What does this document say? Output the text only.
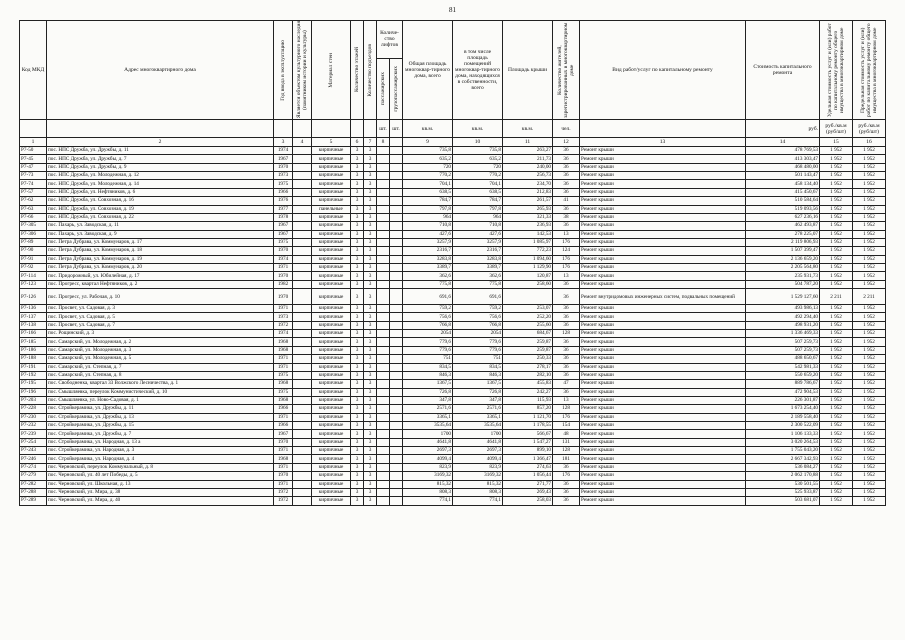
81
Код МКД	Адрес многоквартирного дома	Год ввода в эксплуатацию	Является объектом культурного наследия (памятником истории и культуры)	Материал стен	Количество этажей	Количество подъездов	Количе-ство лифтов		Общая площадь многоквар-тирного дома, всего	в том числе площадь помещений многоквар-тирного дома, находящихся в собственности, всего	Площадь крыши	Количество жителей, зарегистрированных в многоквартирном доме	Вид работ/услуг по капитальному ремонту	Стоимость капитального ремонта	Удельная стоимость услуг и (или) работ по капитальному ремонту общего имущества в многоквартирном доме	Предельная стоимость услуг и (или) работ по капитальному ремонту общего имущества в многоквартирном доме

							пассажирских	грузопассажирских								

							шт.	шт.	кв.м.	кв.м.	кв.м.	чел.		руб.	руб./кв.м (руб/шт)	руб./кв.м (руб/шт)
1	2	3	4	5	6	7	8		9	10	11	12	13	14	15	16
Р7-50	пос. НПС Дружба, ул. Дружбы, д. 11	1974		кирпичные	3	3			735,8	735,8	263,27	36	Ремонт крыши	478 769,53	1 952	1 952
Р7-45	пос. НПС Дружба, ул. Дружбы, д. 7	1967		кирпичные	3	3			635,2	635,2	211,73	36	Ремонт крыши	413 303,47	1 952	1 952
Р7-47	пос. НПС Дружба, ул. Дружбы, д. 9	1970		кирпичные	3	3			720	720	240,00	36	Ремонт крыши	468 480,00	1 952	1 952
Р7-73	пос. НПС Дружба, ул. Молодежная, д. 12	1973		кирпичные	3	3			770,2	770,2	256,73	36	Ремонт крыши	501 143,47	1 952	1 952
Р7-74	пос. НПС Дружба, ул. Молодежная, д. 14	1975		кирпичные	3	3			704,1	704,1	234,70	36	Ремонт крыши	458 134,40	1 952	1 952
Р7-57	пос. НПС Дружба, ул. Нефтяников, д. 6	1966		кирпичные	3	3			638,5	638,5	212,83	36	Ремонт крыши	415 450,67	1 952	1 952
Р7-62	пос. НПС Дружба, ул. Совхозная, д. 16	1976		кирпичные	3	3			784,7	784,7	261,57	41	Ремонт крыши	510 584,64	1 952	1 952
Р7-63	пос. НПС Дружба, ул. Совхозная, д. 19	1977		панельные	3	3			797,8	797,8	265,93	36	Ремонт крыши	519 093,56	1 952	1 952
Р7-66	пос. НПС Дружба, ул. Совхозная, д. 22	1978		кирпичные	3	3			964	964	321,33	38	Ремонт крыши	627 236,16	1 952	1 952
Р7-305	пос. Пахарь, ул. Заводская, д. 11	1967		кирпичные	3	3			710,8	710,8	236,93	36	Ремонт крыши	462 493,87	1 952	1 952
Р7-306	пос. Пахарь, ул. Заводская, д. 9	1967		кирпичные	3	3			427,6	427,6	142,53	13	Ремонт крыши	278 225,07	1 952	1 952
Р7-89	пос. Петра Дубрава, ул. Коммунаров, д. 17	1975		кирпичные	3	3			3257,9	3257,9	1 085,97	176	Ремонт крыши	2 119 806,93	1 952	1 952
Р7-90	пос. Петра Дубрава, ул. Коммунаров, д. 18	1970		кирпичные	3	3			2316,7	2316,7	772,23	124	Ремонт крыши	1 507 399,47	1 952	1 952
Р7-91	пос. Петра Дубрава, ул. Коммунаров, д. 19	1974		кирпичные	3	3			3283,8	3283,8	1 094,60	176	Ремонт крыши	2 136 659,20	1 952	1 952
Р7-92	пос. Петра Дубрава, ул. Коммунаров, д. 20	1971		кирпичные	3	3			3389,7	3389,7	1 129,90	176	Ремонт крыши	2 205 564,80	1 952	1 952
Р7-114	пос. Придорожный, ул. Юбилейная, д. 17	1970		кирпичные	3	3			362,6	362,6	120,87	13	Ремонт крыши	235 931,73	1 952	1 952
Р7-123	пос. Прогресс, квартал Нефтяников, д. 2	1982		кирпичные	3	3			775,8	775,8	258,60	36	Ремонт крыши	504 787,20	1 952	1 952
Р7-126	пос. Прогресс, ул. Рабочая, д. 10	1970		кирпичные	3	3			691,6	691,6		36	Ремонт внутридомовых инженерных систем, подвальных помещений	1 529 127,60	2 211	2 211
Р7-136	пос. Просвет, ул. Садовая, д. 3	1971		кирпичные	3	3			759,2	759,2	253,07	36	Ремонт крыши	493 986,13	1 952	1 952
Р7-137	пос. Просвет, ул. Садовая, д. 5	1973		кирпичные	3	3			756,6	756,6	252,20	36	Ремонт крыши	492 294,40	1 952	1 952
Р7-138	пос. Просвет, ул. Садовая, д. 7	1972		кирпичные	3	3			766,8	766,8	255,60	36	Ремонт крыши	498 931,20	1 952	1 952
Р7-166	пос. Рощинский, д. 3	1974		кирпичные	3	3			2054	2054	684,67	128	Ремонт крыши	1 336 469,33	1 952	1 952
Р7-185	пос. Самарский, ул. Молодежная, д. 2	1968		кирпичные	3	3			779,6	779,6	259,87	36	Ремонт крыши	507 259,73	1 952	1 952
Р7-186	пос. Самарский, ул. Молодежная, д. 3	1968		кирпичные	3	3			779,6	779,6	259,87	36	Ремонт крыши	507 259,73	1 952	1 952
Р7-188	пос. Самарский, ул. Молодежная, д. 5	1971		кирпичные	3	3			751	751	250,33	36	Ремонт крыши	488 650,67	1 952	1 952
Р7-191	пос. Самарский, ул. Степная, д. 7	1971		кирпичные	3	3			834,5	834,5	278,17	36	Ремонт крыши	542 981,33	1 952	1 952
Р7-192	пос. Самарский, ул. Степная, д. 8	1975		кирпичные	3	3			846,3	846,3	282,10	36	Ремонт крыши	550 659,20	1 952	1 952
Р7-195	пос. Свободненка, квартал 33 Волжского Лесничества, д. 1	1968		кирпичные	3	3			1367,5	1367,5	455,83	47	Ремонт крыши	889 786,67	1 952	1 952
Р7-196	пос. Смышляевка, переулок Коммунистический, д. 10	1975		кирпичные	3	3			726,8	726,8	242,27	36	Ремонт крыши	472 904,53	1 952	1 952
Р7-203	пос. Смышляевка, ул. Ново-Садовая, д. 1	1968		кирпичные	3	3			347,8	347,8	115,93	13	Ремонт крыши	226 301,87	1 952	1 952
Р7-228	пос. Стройкерамика, ул. Дружбы, д. 11	1966		кирпичные	3	3			2571,6	2571,6	857,20	128	Ремонт крыши	1 673 254,40	1 952	1 952
Р7-230	пос. Стройкерамика, ул. Дружбы, д. 13	1971		кирпичные	3	3			3365,1	3365,1	1 121,70	176	Ремонт крыши	2 189 558,40	1 952	1 952
Р7-232	пос. Стройкерамика, ул. Дружбы, д. 15	1966		кирпичные	3	3			3535,64	3535,64	1 178,55	154	Ремонт крыши	2 300 522,09	1 952	1 952
Р7-239	пос. Стройкерамика, ул. Дружбы, д. 7	1967		кирпичные	3	3			1700	1700	566,67	48	Ремонт крыши	1 106 133,33	1 952	1 952
Р7-254	пос. Стройкерамика, ул. Народная, д. 13 а	1970		кирпичные	3	3			4641,8	4641,8	1 547,27	131	Ремонт крыши	3 020 264,53	1 952	1 952
Р7-243	пос. Стройкерамика, ул. Народная, д. 3	1971		кирпичные	3	3			2697,3	2697,3	899,10	128	Ремонт крыши	1 755 043,20	1 952	1 952
Р7-246	пос. Стройкерамика, ул. Народная, д. 4	1968		кирпичные	3	3			4099,4	4099,4	1 366,47	181	Ремонт крыши	2 667 342,93	1 952	1 952
Р7-274	пос. Черновский, переулок Коммунальный, д. 8	1971		кирпичные	3	3			823,9	823,9	274,63	36	Ремонт крыши	536 084,27	1 952	1 952
Р7-279	пос. Черновский, ул. 40 лет Победы, д. 5	1970		кирпичные	3	3			3169,32	3169,32	1 056,44	176	Ремонт крыши	2 062 170,88	1 952	1 952
Р7-282	пос. Черновский, ул. Школьная, д. 13	1971		кирпичные	3	3			815,32	815,32	271,77	36	Ремонт крыши	530 501,55	1 952	1 952
Р7-288	пос. Черновский, ул. Мира, д. 38	1972		кирпичные	3	3			808,3	808,3	269,43	36	Ремонт крыши	525 933,87	1 952	1 952
Р7-289	пос. Черновский, ул. Мира, д. 40	1972		кирпичные	3	3			774,1	774,1	258,03	36	Ремонт крыши	503 681,07	1 952	1 952
